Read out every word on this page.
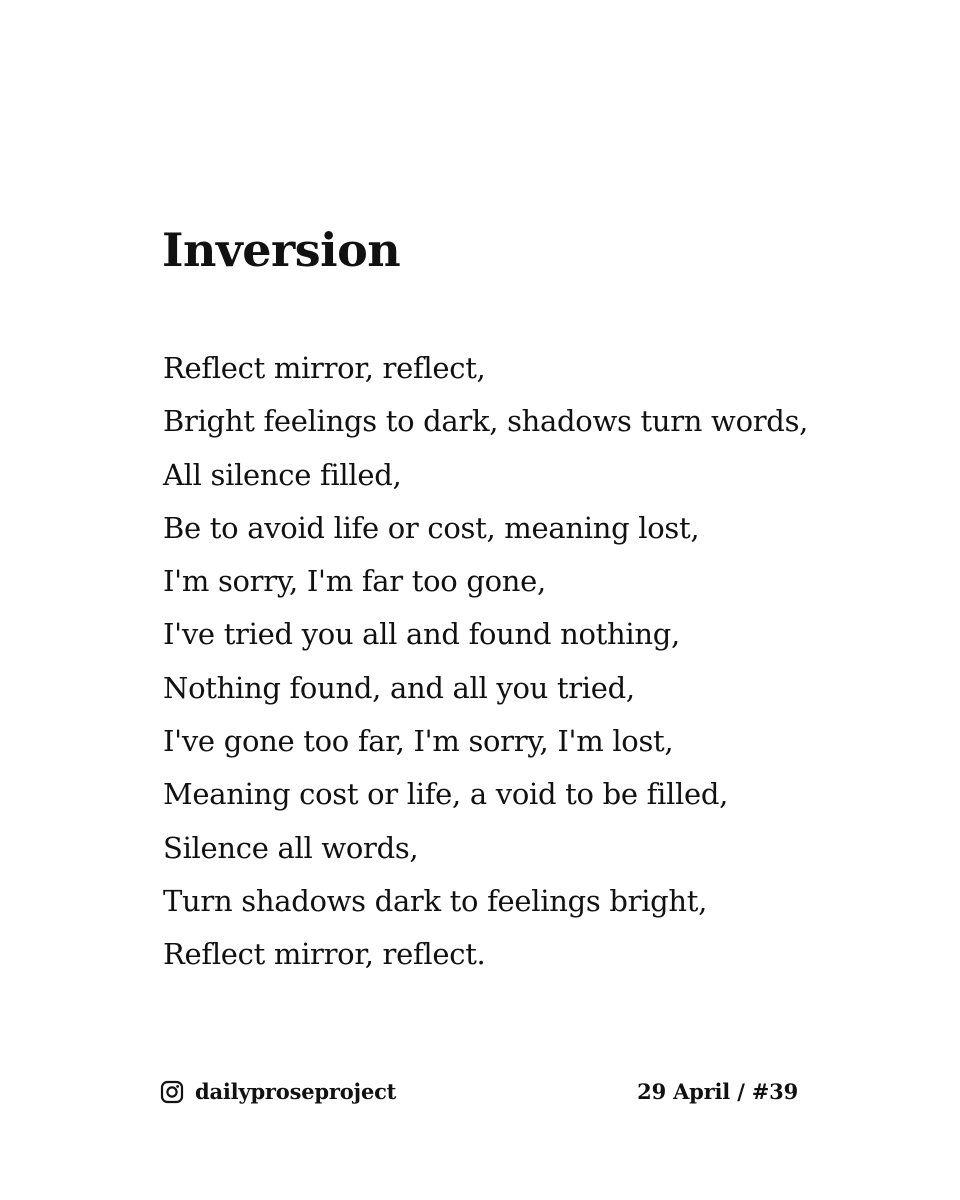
Inversion
Reflect mirror, reflect,
Bright feelings to dark, shadows turn words,
All silence filled,
Be to avoid life or cost, meaning lost,
I'm sorry, I'm far too gone,
I've tried you all and found nothing,
Nothing found, and all you tried,
I've gone too far, I'm sorry, I'm lost,
Meaning cost or life, a void to be filled,
Silence all words,
Turn shadows dark to feelings bright,
Reflect mirror, reflect.
dailyproseproject	29 April / #39
